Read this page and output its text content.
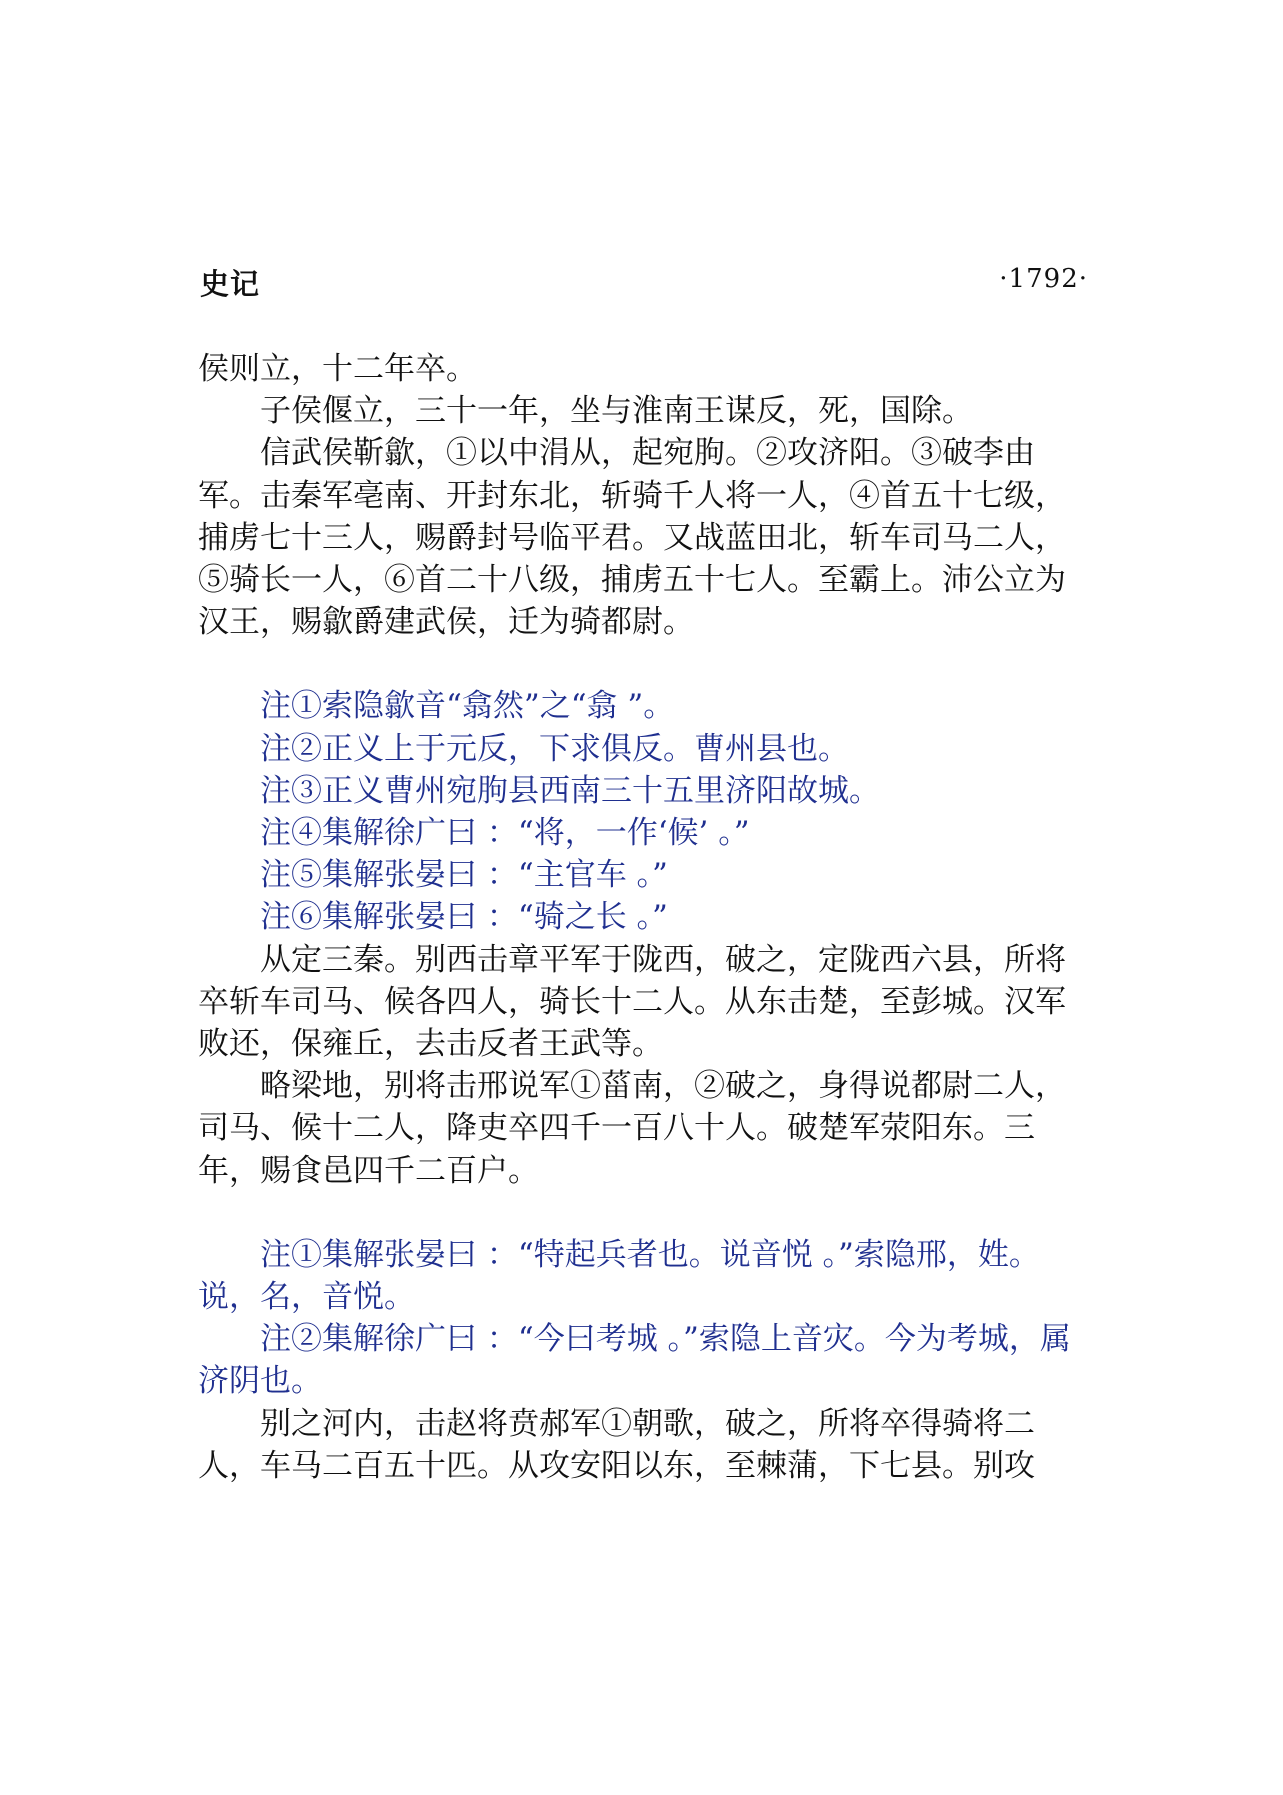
史记	·1792·

侯则立，十二年卒。

子侯偃立，三十一年，坐与淮南王谋反，死，国除。

信武侯靳歙，①以中涓从，起宛朐。②攻济阳。③破李由军。击秦军亳南、开封东北，斩骑千人将一人，④首五十七级，捕虏七十三人，赐爵封号临平君。又战蓝田北，斩车司马二人，⑤骑长一人，⑥首二十八级，捕虏五十七人。至霸上。沛公立为汉王，赐歙爵建武侯，迁为骑都尉。

注①索隐歙音“翕然”之“翕 ”。

注②正义上于元反，下求俱反。曹州县也。

注③正义曹州宛朐县西南三十五里济阳故城。

注④集解徐广曰 ：“将，一作‘候’ 。”

注⑤集解张晏曰 ：“主官车 。”

注⑥集解张晏曰 ：“骑之长 。”

从定三秦。别西击章平军于陇西，破之，定陇西六县，所将卒斩车司马、候各四人，骑长十二人。从东击楚，至彭城。汉军败还，保雍丘，去击反者王武等。

略梁地，别将击邢说军①菑南，②破之，身得说都尉二人，司马、候十二人，降吏卒四千一百八十人。破楚军荥阳东。三年，赐食邑四千二百户。

注①集解张晏曰 ：“特起兵者也。说音悦 。”索隐邢，姓。说，名，音悦。

注②集解徐广曰 ：“今曰考城 。”索隐上音灾。今为考城，属济阴也。

别之河内，击赵将贲郝军①朝歌，破之，所将卒得骑将二人，车马二百五十匹。从攻安阳以东，至棘蒲，下七县。别攻
